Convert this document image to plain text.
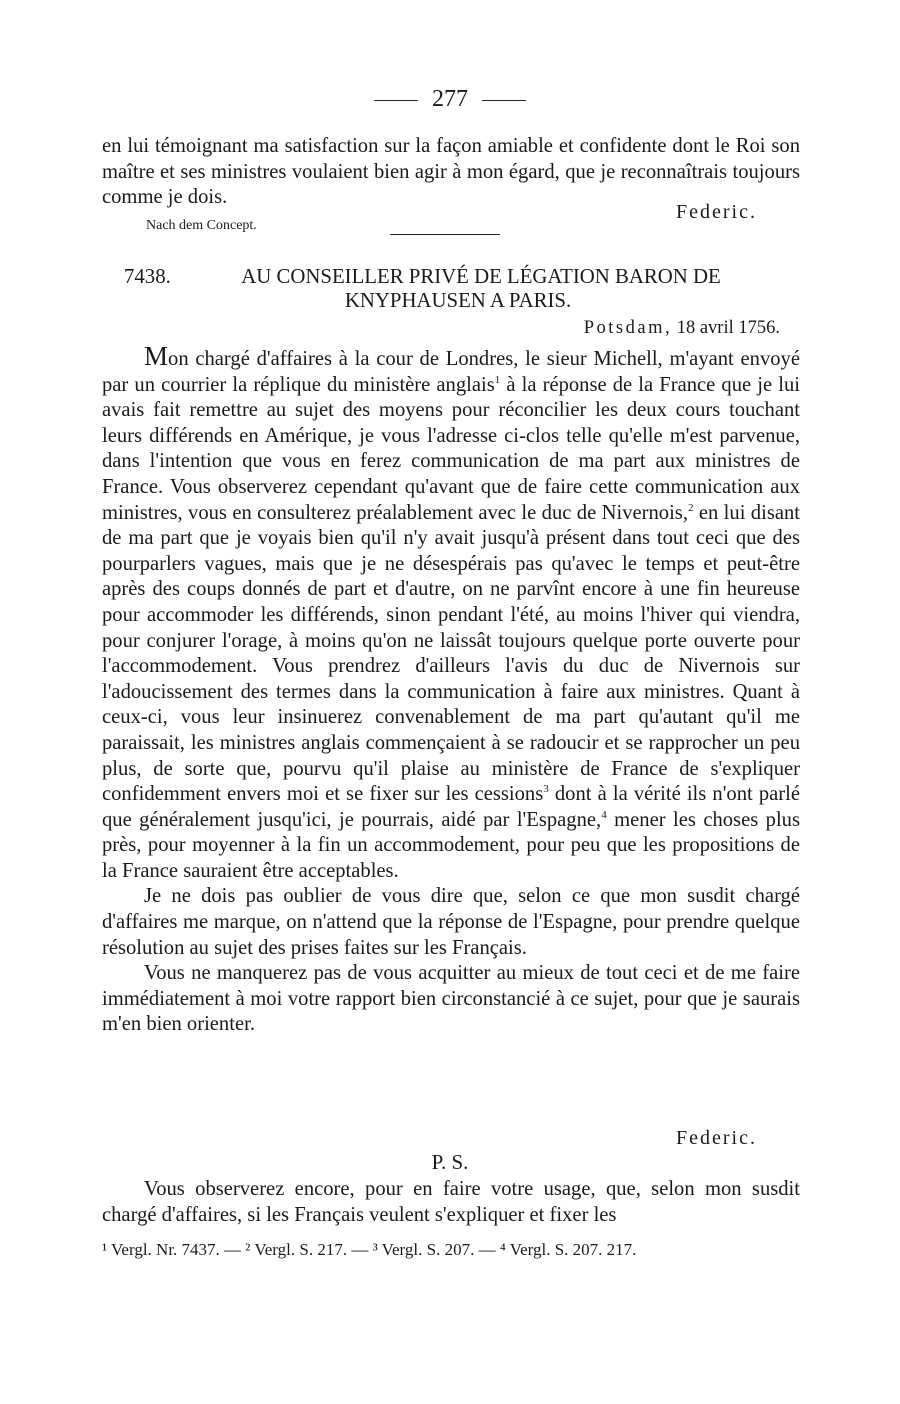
277

en lui témoignant ma satisfaction sur la façon amiable et confidente dont le Roi son maître et ses ministres voulaient bien agir à mon égard, que je reconnaîtrais toujours comme je dois.

Federic.
Nach dem Concept.
7438.	AU CONSEILLER PRIVÉ DE LÉGATION BARON DE
KNYPHAUSEN A PARIS.
Potsdam, 18 avril 1756.

Mon chargé d'affaires à la cour de Londres, le sieur Michell, m'ayant envoyé par un courrier la réplique du ministère anglais$^1$ à la réponse de la France que je lui avais fait remettre au sujet des moyens pour réconcilier les deux cours touchant leurs différends en Amérique, je vous l'adresse ci-clos telle qu'elle m'est parvenue, dans l'intention que vous en ferez communication de ma part aux ministres de France. Vous observerez cependant qu'avant que de faire cette communication aux ministres, vous en consulterez préalablement avec le duc de Nivernois,$^2$ en lui disant de ma part que je voyais bien qu'il n'y avait jusqu'à présent dans tout ceci que des pourparlers vagues, mais que je ne désespérais pas qu'avec le temps et peut-être après des coups donnés de part et d'autre, on ne parvînt encore à une fin heureuse pour accommoder les différends, sinon pendant l'été, au moins l'hiver qui viendra, pour conjurer l'orage, à moins qu'on ne laissât toujours quelque porte ouverte pour l'accommodement. Vous prendrez d'ailleurs l'avis du duc de Nivernois sur l'adoucissement des termes dans la communication à faire aux ministres. Quant à ceux-ci, vous leur insinuerez convenablement de ma part qu'autant qu'il me paraissait, les ministres anglais commençaient à se radoucir et se rapprocher un peu plus, de sorte que, pourvu qu'il plaise au ministère de France de s'expliquer confidemment envers moi et se fixer sur les cessions$^3$ dont à la vérité ils n'ont parlé que généralement jusqu'ici, je pourrais, aidé par l'Espagne,$^4$ mener les choses plus près, pour moyenner à la fin un accommodement, pour peu que les propositions de la France sauraient être acceptables.

Je ne dois pas oublier de vous dire que, selon ce que mon susdit chargé d'affaires me marque, on n'attend que la réponse de l'Espagne, pour prendre quelque résolution au sujet des prises faites sur les Français.

Vous ne manquerez pas de vous acquitter au mieux de tout ceci et de me faire immédiatement à moi votre rapport bien circonstancié à ce sujet, pour que je saurais m'en bien orienter.

Federic.
P. S.

Vous observerez encore, pour en faire votre usage, que, selon mon susdit chargé d'affaires, si les Français veulent s'expliquer et fixer les

¹ Vergl. Nr. 7437. — ² Vergl. S. 217. — ³ Vergl. S. 207. — ⁴ Vergl. S. 207. 217.
